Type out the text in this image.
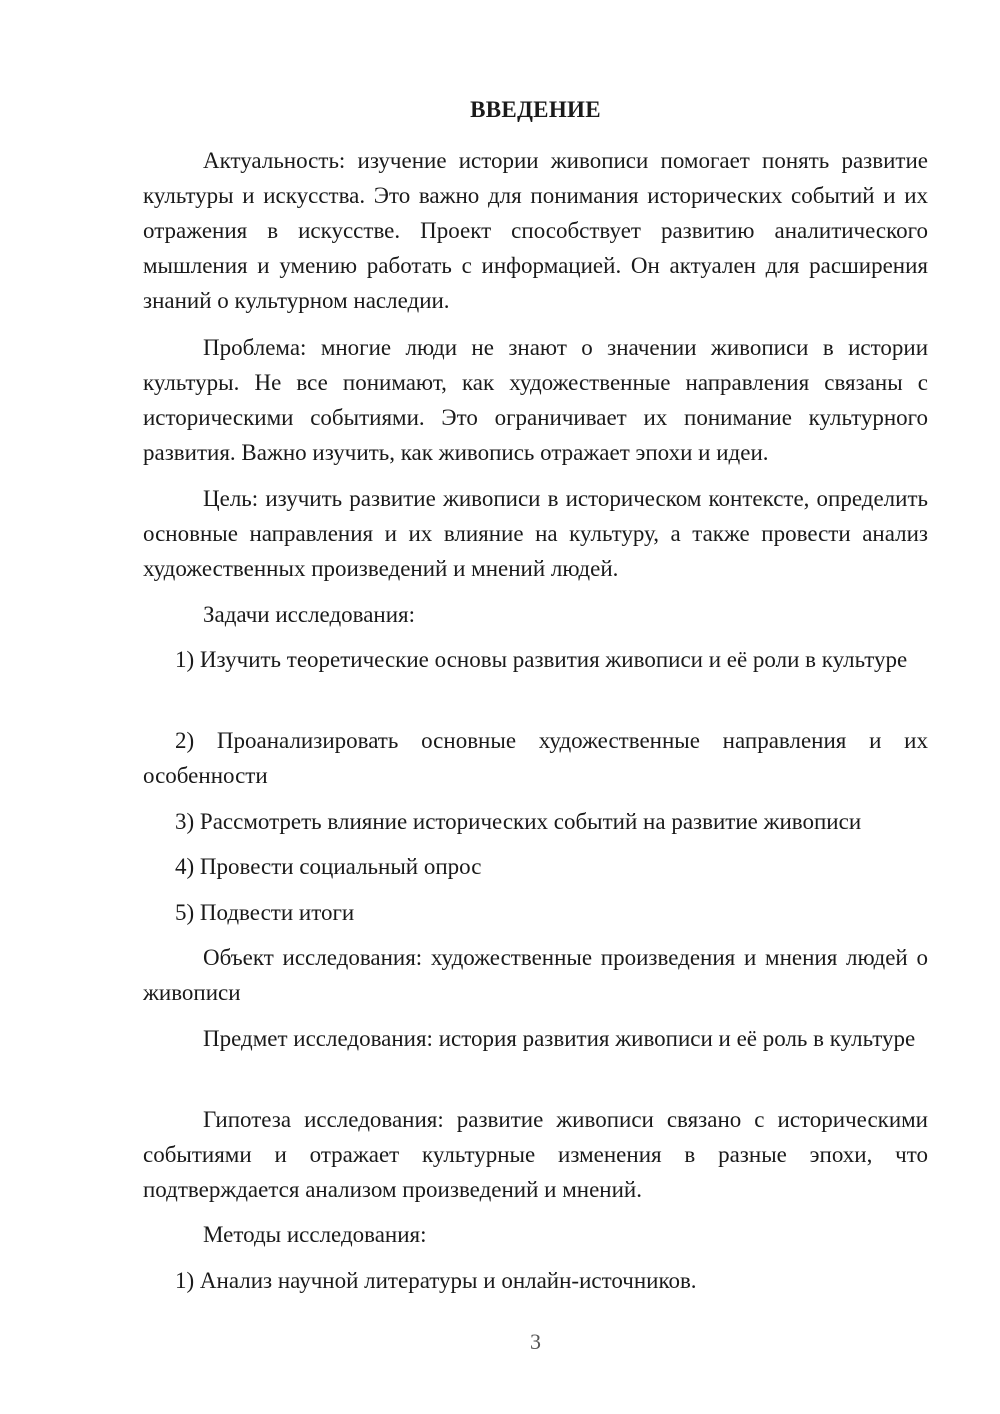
ВВЕДЕНИЕ

Актуальность: изучение истории живописи помогает понять развитие культуры и искусства. Это важно для понимания исторических событий и их отражения в искусстве. Проект способствует развитию аналитического мышления и умению работать с информацией. Он актуален для расширения знаний о культурном наследии.

Проблема: многие люди не знают о значении живописи в истории культуры. Не все понимают, как художественные направления связаны с историческими событиями. Это ограничивает их понимание культурного развития. Важно изучить, как живопись отражает эпохи и идеи.

Цель: изучить развитие живописи в историческом контексте, определить основные направления и их влияние на культуру, а также провести анализ художественных произведений и мнений людей.

Задачи исследования:

1) Изучить теоретические основы развития живописи и её роли в культуре

2) Проанализировать основные художественные направления и их особенности

3) Рассмотреть влияние исторических событий на развитие живописи

4) Провести социальный опрос

5) Подвести итоги

Объект исследования: художественные произведения и мнения людей о живописи

Предмет исследования: история развития живописи и её роль в культуре

Гипотеза исследования: развитие живописи связано с историческими событиями и отражает культурные изменения в разные эпохи, что подтверждается анализом произведений и мнений.

Методы исследования:

1) Анализ научной литературы и онлайн-источников.

3
